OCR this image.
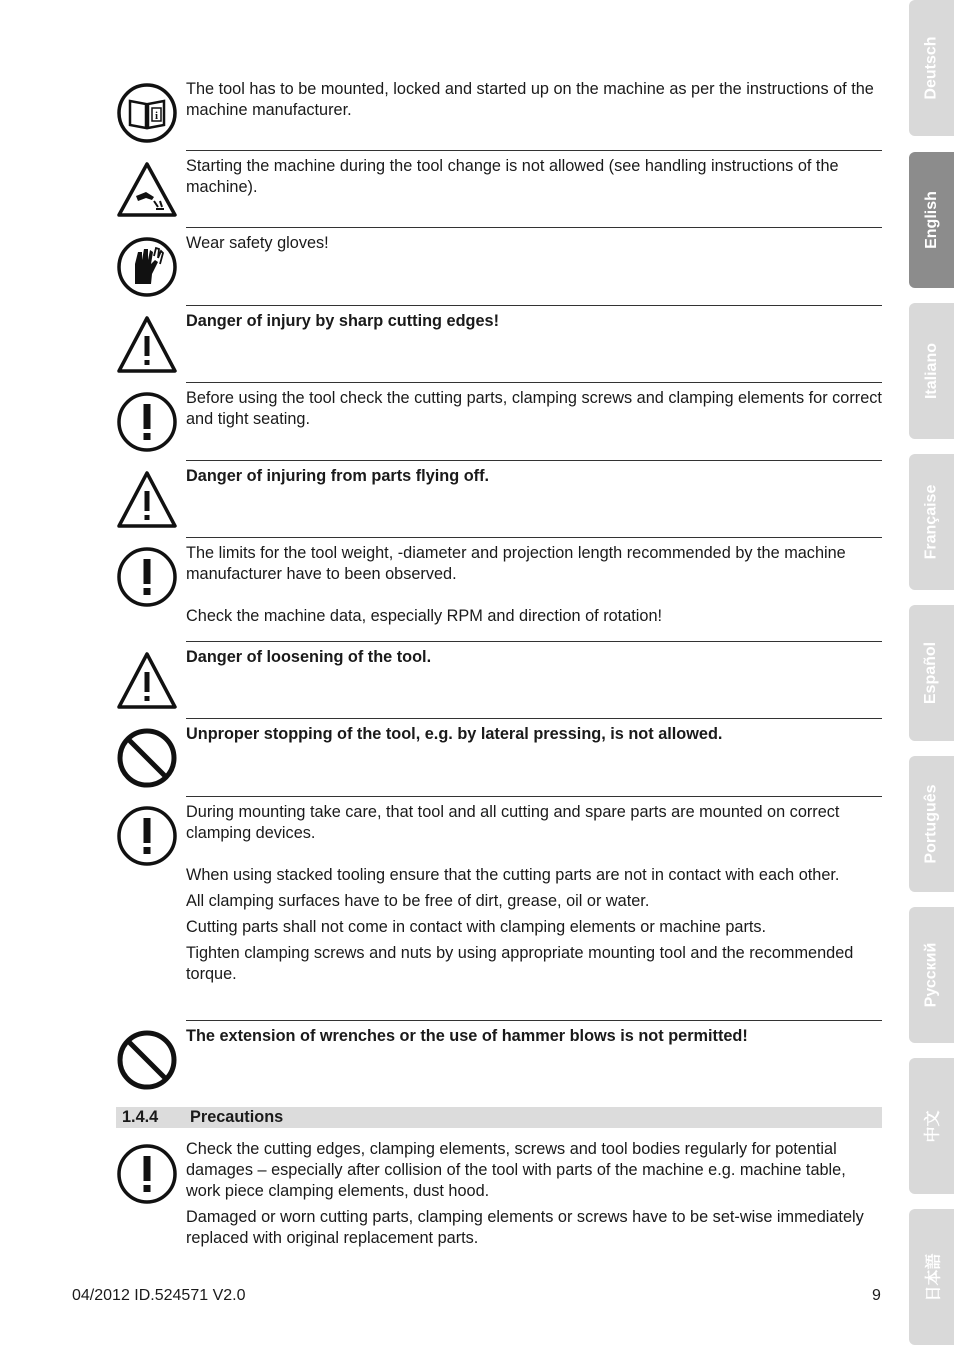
Deutsch
English
Italiano
Française
Español
Português
Русский
中文
日本語
i

The tool has to be mounted, locked and started up on the machine as per the instructions of the machine manufacturer.

Starting the machine during the tool change is not allowed (see handling instructions of the machine).

Wear safety gloves!

Danger of injury by sharp cutting edges!

Before using the tool check the cutting parts, clamping screws and clamping elements for correct and tight seating.

Danger of injuring from parts flying off.

The limits for the tool weight, -diameter and projection length recommended by the machine manufacturer have to been observed.

Check the machine data, especially RPM and direction of rotation!

Danger of loosening of the tool.

Unproper stopping of the tool, e.g. by lateral pressing, is not allowed.

During mounting take care, that tool and all cutting and spare parts are mounted on correct clamping devices.

When using stacked tooling ensure that the cutting parts are not in contact with each other.

All clamping surfaces have to be free of dirt, grease, oil or water.

Cutting parts shall not come in contact with clamping elements or machine parts.

Tighten clamping screws and nuts by using appropriate mounting tool and the recommended torque.

The extension of wrenches or the use of hammer blows is not permitted!

1.4.4 Precautions

Check the cutting edges, clamping elements, screws and tool bodies regularly for potential damages – especially after collision of the tool with parts of the machine e.g. machine table, work piece clamping elements, dust hood.

Damaged or worn cutting parts, clamping elements or screws have to be set-wise immediately replaced with original replacement parts.

04/2012 ID.524571 V2.0	9
